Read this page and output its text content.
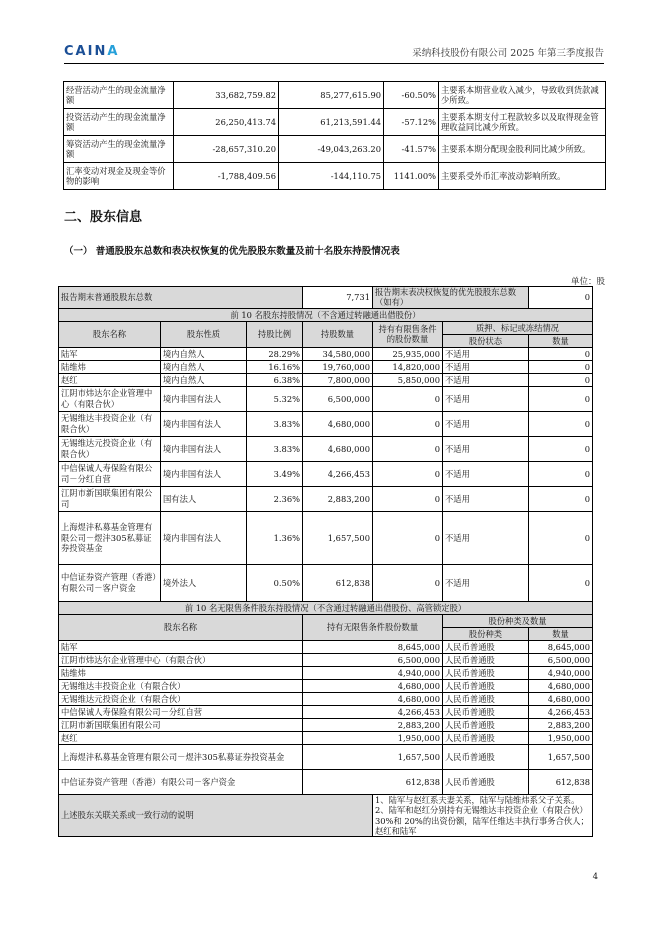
CAINA	采纳科技股份有限公司 2025 年第三季度报告
经营活动产生的现金流量净额	33,682,759.82	85,277,615.90	-60.50%	主要系本期营业收入减少，导致收到货款减少所致。
投资活动产生的现金流量净额	26,250,413.74	61,213,591.44	-57.12%	主要系本期支付工程款较多以及取得现金管理收益同比减少所致。
筹资活动产生的现金流量净额	-28,657,310.20	-49,043,263.20	-41.57%	主要系本期分配现金股利同比减少所致。
汇率变动对现金及现金等价物的影响	-1,788,409.56	-144,110.75	1141.00%	主要系受外币汇率波动影响所致。
二、股东信息
（一） 普通股股东总数和表决权恢复的优先股股东数量及前十名股东持股情况表
单位：股
报告期末普通股股东总数			7,731	报告期末表决权恢复的优先股股东总数（如有）		0
前 10 名股东持股情况（不含通过转融通出借股份）						
股东名称	股东性质	持股比例	持股数量	持有有限售条件的股份数量	质押、标记或冻结情况	
					股份状态	数量
陆军	境内自然人	28.29%	34,580,000	25,935,000	不适用	0
陆维炜	境内自然人	16.16%	19,760,000	14,820,000	不适用	0
赵红	境内自然人	6.38%	7,800,000	5,850,000	不适用	0
江阴市炜达尔企业管理中心（有限合伙）	境内非国有法人	5.32%	6,500,000	0	不适用	0
无锡维达丰投资企业（有限合伙）	境内非国有法人	3.83%	4,680,000	0	不适用	0
无锡维达元投资企业（有限合伙）	境内非国有法人	3.83%	4,680,000	0	不适用	0
中信保诚人寿保险有限公司－分红自营	境内非国有法人	3.49%	4,266,453	0	不适用	0
江阴市新国联集团有限公司	国有法人	2.36%	2,883,200	0	不适用	0
上海煜沣私募基金管理有限公司－煜沣305私募证券投资基金	境内非国有法人	1.36%	1,657,500	0	不适用	0
中信证券资产管理（香港）有限公司－客户资金	境外法人	0.50%	612,838	0	不适用	0
前 10 名无限售条件股东持股情况（不含通过转融通出借股份、高管锁定股）						
股东名称			持有无限售条件股份数量		股份种类及数量	
					股份种类	数量
陆军			8,645,000		人民币普通股	8,645,000
江阴市炜达尔企业管理中心（有限合伙）			6,500,000		人民币普通股	6,500,000
陆维炜			4,940,000		人民币普通股	4,940,000
无锡维达丰投资企业（有限合伙）			4,680,000		人民币普通股	4,680,000
无锡维达元投资企业（有限合伙）			4,680,000		人民币普通股	4,680,000
中信保诚人寿保险有限公司－分红自营			4,266,453		人民币普通股	4,266,453
江阴市新国联集团有限公司			2,883,200		人民币普通股	2,883,200
赵红			1,950,000		人民币普通股	1,950,000
上海煜沣私募基金管理有限公司－煜沣305私募证券投资基金			1,657,500		人民币普通股	1,657,500
中信证券资产管理（香港）有限公司－客户资金			612,838		人民币普通股	612,838
上述股东关联关系或一致行动的说明				1、陆军与赵红系夫妻关系，陆军与陆维炜系父子关系。
2、陆军和赵红分别持有无锡维达丰投资企业（有限合伙）30%和 20%的出资份额，陆军任维达丰执行事务合伙人；赵红和陆军		
4
